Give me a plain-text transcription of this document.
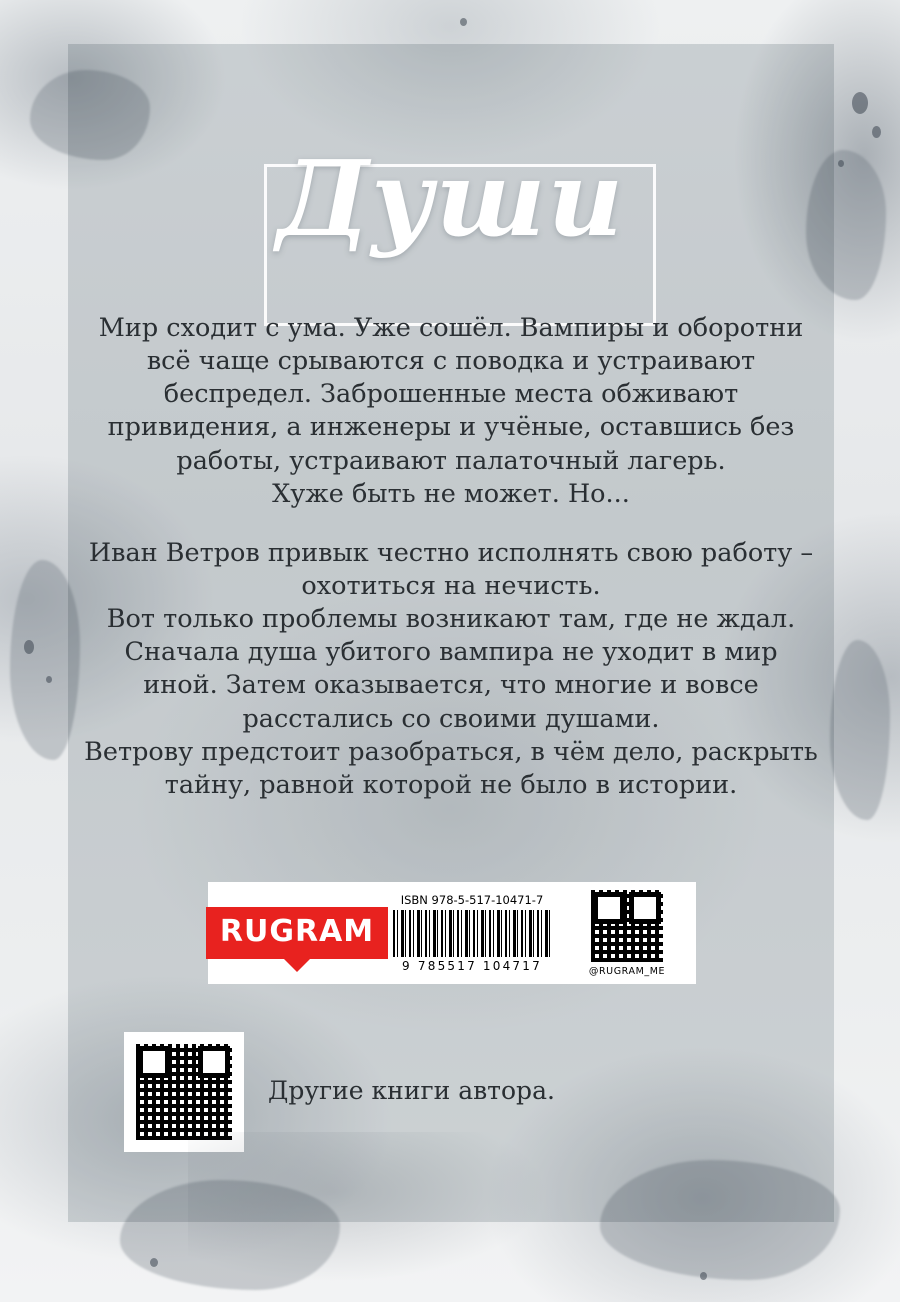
Души

Мир сходит с ума. Уже сошёл. Вампиры и оборотни

всё чаще срываются с поводка и устраивают

беспредел. Заброшенные места обживают

привидения, а инженеры и учёные, оставшись без

работы, устраивают палаточный лагерь.

Хуже быть не может. Но...

Иван Ветров привык честно исполнять свою работу –

охотиться на нечисть.

Вот только проблемы возникают там, где не ждал.

Сначала душа убитого вампира не уходит в мир

иной. Затем оказывается, что многие и вовсе

расстались со своими душами.

Ветрову предстоит разобраться, в чём дело, раскрыть

тайну, равной которой не было в истории.

RUGRAM
ISBN 978-5-517-10471-7
9 785517 104717	@RUGRAM_ME
Другие книги автора.
